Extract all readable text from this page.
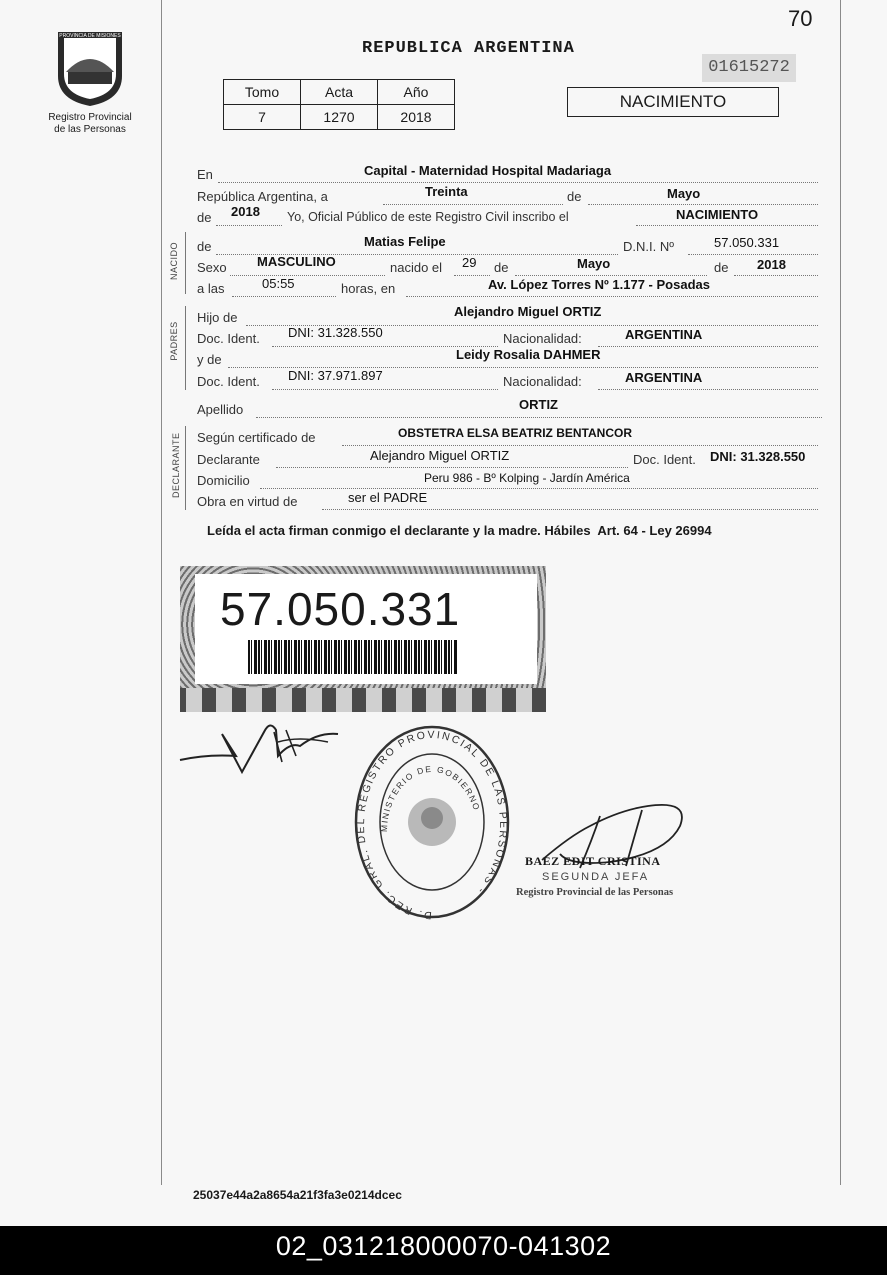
70
PROVINCIA DE MISIONES
Registro Provincial
de las Personas
REPUBLICA ARGENTINA
01615272
NACIMIENTO
Tomo	Acta	Año
7	1270	2018
NACIDO
PADRES
DECLARANTE
En	Capital - Maternidad Hospital Madariaga
República Argentina, a	Treinta	de	Mayo
de 2018 Yo, Oficial Público de este Registro Civil inscribo el	NACIMIENTO
de	Matias Felipe	D.N.I. Nº	57.050.331
Sexo MASCULINO	nacido el 29 de	Mayo	de 2018
a las	05:55	horas, en	Av. López Torres Nº 1.177 - Posadas
Hijo de	Alejandro Miguel ORTIZ
Doc. Ident. DNI: 31.328.550	Nacionalidad:	ARGENTINA
y de	Leidy Rosalia DAHMER
Doc. Ident. DNI: 37.971.897	Nacionalidad:	ARGENTINA
Apellido	ORTIZ
Según certificado de	OBSTETRA ELSA BEATRIZ BENTANCOR
Declarante	Alejandro Miguel ORTIZ	Doc. Ident. DNI: 31.328.550
Domicilio	Peru 986 - Bº Kolping - Jardín América
Obra en virtud de	ser el PADRE
Leída el acta firman conmigo el declarante y la madre. Hábiles  Art. 64 - Ley 26994
57.050.331
D. REC. GRAL. DEL REGISTRO PROVINCIAL DE LAS PERSONAS -
MINISTERIO DE GOBIERNO
BAEZ EDIT CRISTINA
SEGUNDA JEFA
Registro Provincial de las Personas
25037e44a2a8654a21f3fa3e0214dcec
02_031218000070-041302
